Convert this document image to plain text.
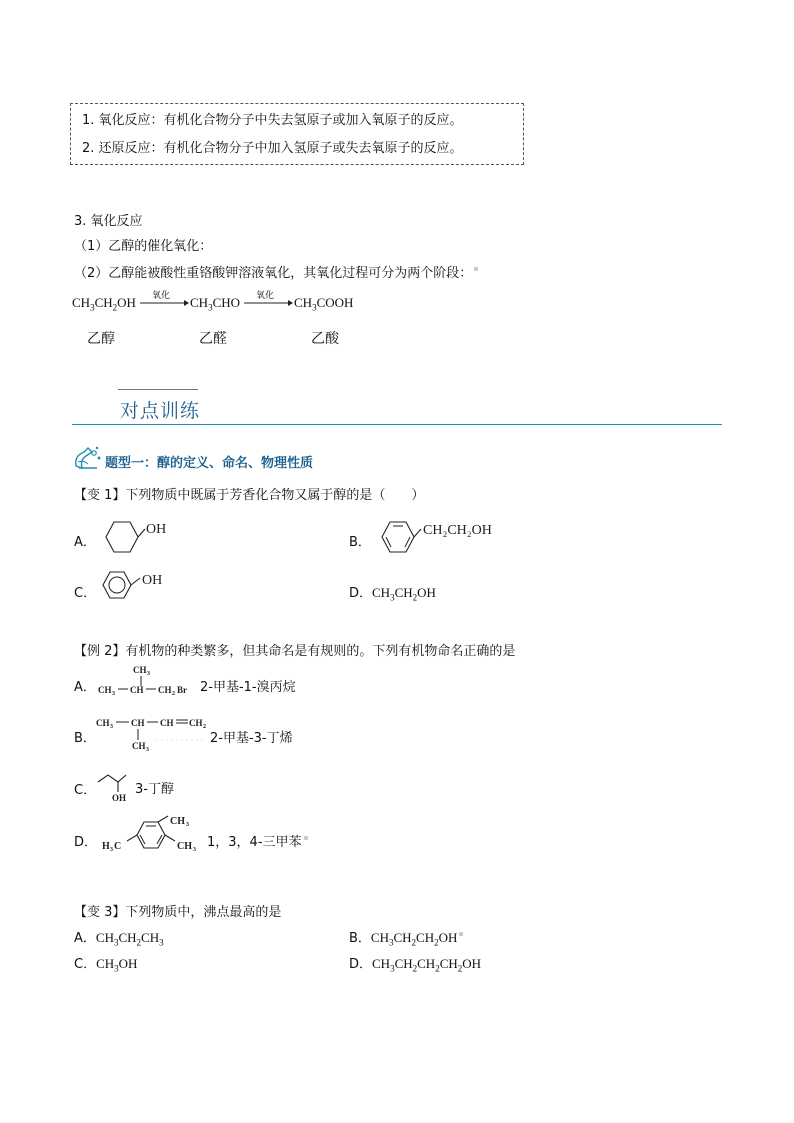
1. 氧化反应：有机化合物分子中失去氢原子或加入氧原子的反应。
2. 还原反应：有机化合物分子中加入氢原子或失去氧原子的反应。
3. 氧化反应
（1）乙醇的催化氧化：
（2）乙醇能被酸性重铬酸钾溶液氧化，其氧化过程可分为两个阶段：
$CH_3CH_2OH$ 氧化 → $CH_3CHO$ 氧化 → $CH_3COOH$
乙醇	乙醛	乙酸
对点训练
题型一：醇的定义、命名、物理性质
【变 1】下列物质中既属于芳香化合物又属于醇的是（　　）
A．
OH
B．
CH₂CH₂OH
C．
OH
D．$CH_3CH_2OH$
【例 2】有机物的种类繁多，但其命名是有规则的。下列有机物命名正确的是
A．
CH 3
CH 3 CH CH 2 Br 2-甲基-1-溴丙烷
B．
CH 3 CH CH CH 2
CH 3
2-甲基-3-丁烯
C． OH
3-丁醇
D．
CH 3
CH 3
H 3 C	1，3，4-三甲苯
【变 3】下列物质中，沸点最高的是
A．$CH_3CH_2CH_3$	B．$CH_3CH_2CH_2OH$
C．$CH_3OH$	D．$CH_3CH_2CH_2CH_2OH$
